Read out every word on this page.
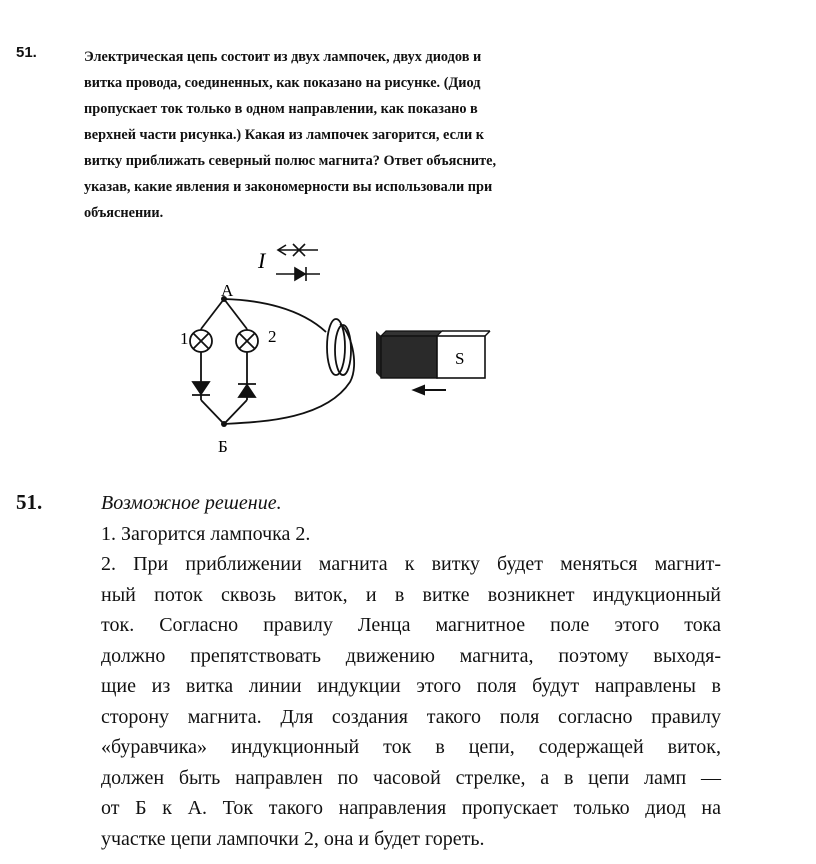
51.	Электрическая цепь состоит из двух лампочек, двух диодов и
витка провода, соединенных, как показано на рисунке. (Диод
пропускает ток только в одном направлении, как показано в
верхней части рисунка.) Какая из лампочек загорится, если к
витку приближать северный полюс магнита? Ответ объясните,
указав, какие явления и закономерности вы использовали при
объяснении.
I
А
Б
1	2
S
51.	Возможное решение.
1. Загорится лампочка 2.
2. При приближении магнита к витку будет меняться магнит-
ный поток сквозь виток, и в витке возникнет индукционный
ток. Согласно правилу Ленца магнитное поле этого тока
должно препятствовать движению магнита, поэтому выходя-
щие из витка линии индукции этого поля будут направлены в
сторону магнита. Для создания такого поля согласно правилу
«буравчика» индукционный ток в цепи, содержащей виток,
должен быть направлен по часовой стрелке, а в цепи ламп —
от Б к А. Ток такого направления пропускает только диод на
участке цепи лампочки 2, она и будет гореть.
